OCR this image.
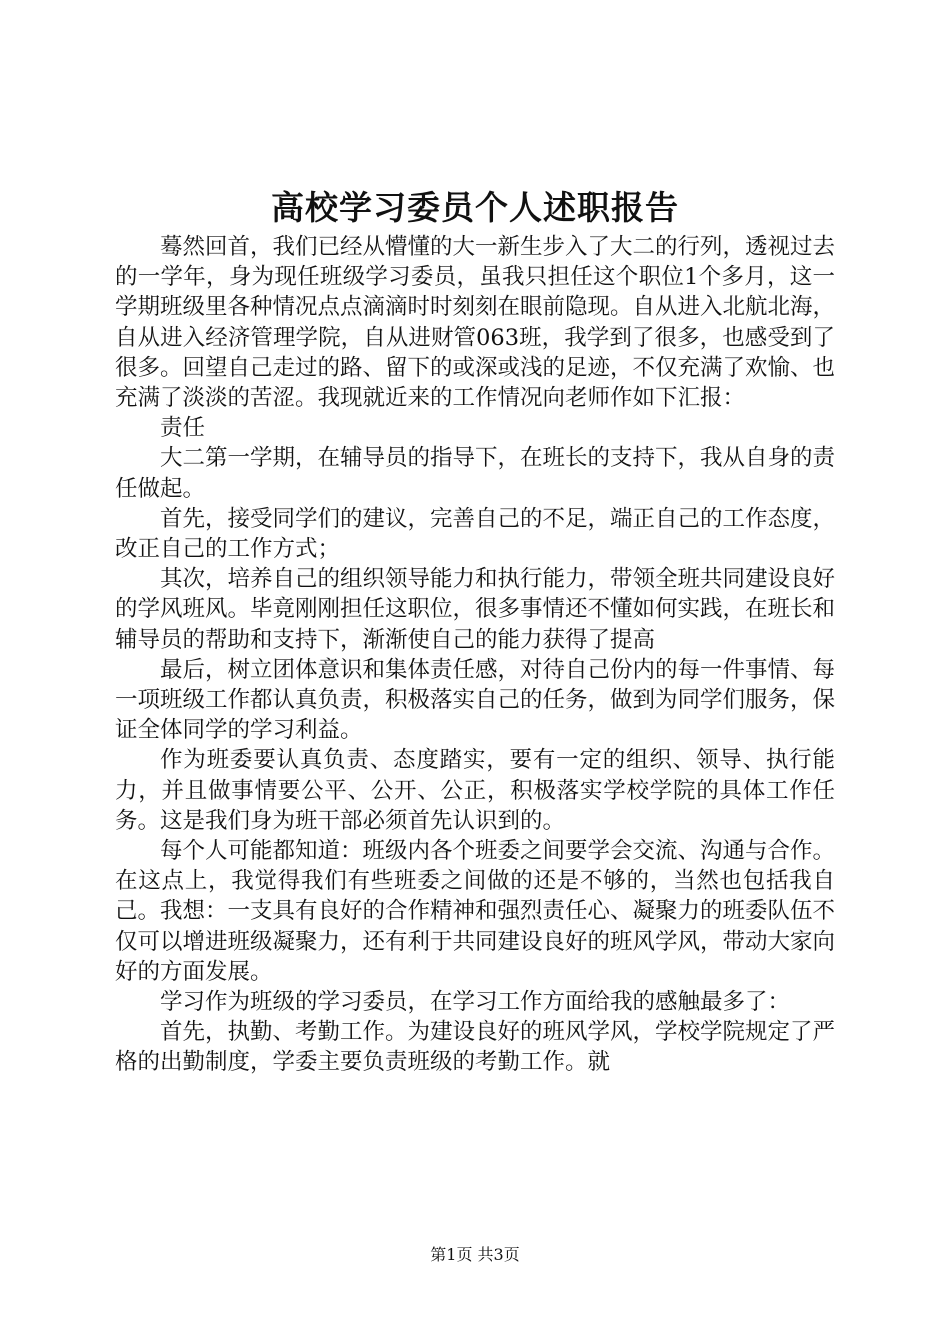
高校学习委员个人述职报告

蓦然回首，我们已经从懵懂的大一新生步入了大二的行列，透视过去的一学年，身为现任班级学习委员，虽我只担任这个职位1个多月，这一学期班级里各种情况点点滴滴时时刻刻在眼前隐现。自从进入北航北海，自从进入经济管理学院，自从进财管063班，我学到了很多，也感受到了很多。回望自己走过的路、留下的或深或浅的足迹，不仅充满了欢愉、也充满了淡淡的苦涩。我现就近来的工作情况向老师作如下汇报：

责任

大二第一学期，在辅导员的指导下，在班长的支持下，我从自身的责任做起。

首先，接受同学们的建议，完善自己的不足，端正自己的工作态度，改正自己的工作方式；

其次，培养自己的组织领导能力和执行能力，带领全班共同建设良好的学风班风。毕竟刚刚担任这职位，很多事情还不懂如何实践，在班长和辅导员的帮助和支持下，渐渐使自己的能力获得了提高

最后，树立团体意识和集体责任感，对待自己份内的每一件事情、每一项班级工作都认真负责，积极落实自己的任务，做到为同学们服务，保证全体同学的学习利益。

作为班委要认真负责、态度踏实，要有一定的组织、领导、执行能力，并且做事情要公平、公开、公正，积极落实学校学院的具体工作任务。这是我们身为班干部必须首先认识到的。

每个人可能都知道：班级内各个班委之间要学会交流、沟通与合作。在这点上，我觉得我们有些班委之间做的还是不够的，当然也包括我自己。我想：一支具有良好的合作精神和强烈责任心、凝聚力的班委队伍不仅可以增进班级凝聚力，还有利于共同建设良好的班风学风，带动大家向好的方面发展。

学习作为班级的学习委员，在学习工作方面给我的感触最多了：

首先，执勤、考勤工作。为建设良好的班风学风，学校学院规定了严格的出勤制度，学委主要负责班级的考勤工作。就

第1页 共3页
